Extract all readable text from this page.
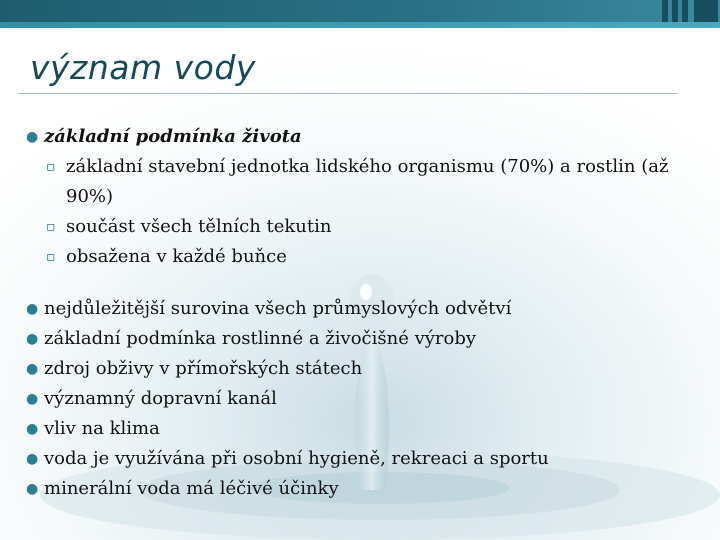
význam vody
● základní podmínka života
▫ základní stavební jednotka lidského organismu (70%) a rostlin (až 90%)
▫ součást všech tělních tekutin
▫ obsažena v každé buňce
● nejdůležitější surovina všech průmyslových odvětví
● základní podmínka rostlinné a živočišné výroby
● zdroj obživy v přímořských státech
● významný dopravní kanál
● vliv na klima
● voda je využívána při osobní hygieně, rekreaci a sportu
● minerální voda má léčivé účinky
